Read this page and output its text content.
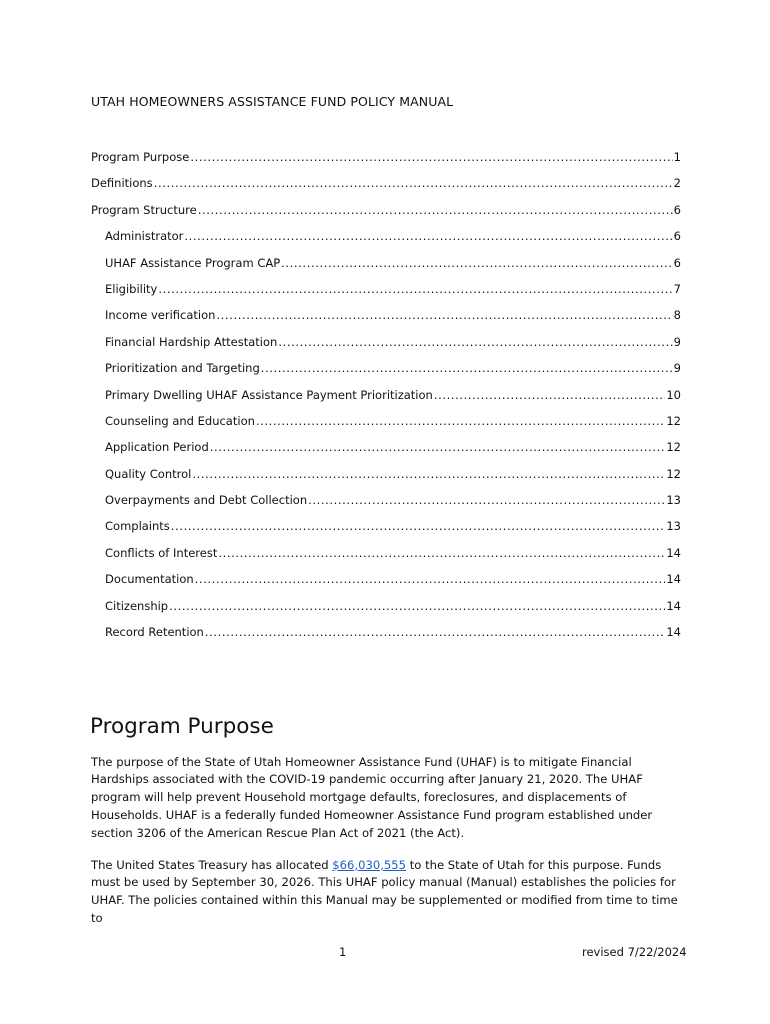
UTAH HOMEOWNERS ASSISTANCE FUND POLICY MANUAL
Program Purpose .....	1
Definitions .....	2
Program Structure .....	6
Administrator .....	6
UHAF Assistance Program CAP .....	6
Eligibility .....	7
Income verification .....	8
Financial Hardship Attestation .....	9
Prioritization and Targeting .....	9
Primary Dwelling UHAF Assistance Payment Prioritization .....	10
Counseling and Education .....	12
Application Period .....	12
Quality Control .....	12
Overpayments and Debt Collection .....	13
Complaints .....	13
Conflicts of Interest .....	14
Documentation .....	14
Citizenship .....	14
Record Retention .....	14
Program Purpose

The purpose of the State of Utah Homeowner Assistance Fund (UHAF) is to mitigate Financial Hardships associated with the COVID-19 pandemic occurring after January 21, 2020. The UHAF program will help prevent Household mortgage defaults, foreclosures, and displacements of Households. UHAF is a federally funded Homeowner Assistance Fund program established under section 3206 of the American Rescue Plan Act of 2021 (the Act).

The United States Treasury has allocated $66,030,555 to the State of Utah for this purpose. Funds must be used by September 30, 2026. This UHAF policy manual (Manual) establishes the policies for UHAF. The policies contained within this Manual may be supplemented or modified from time to time to

1	revised 7/22/2024
